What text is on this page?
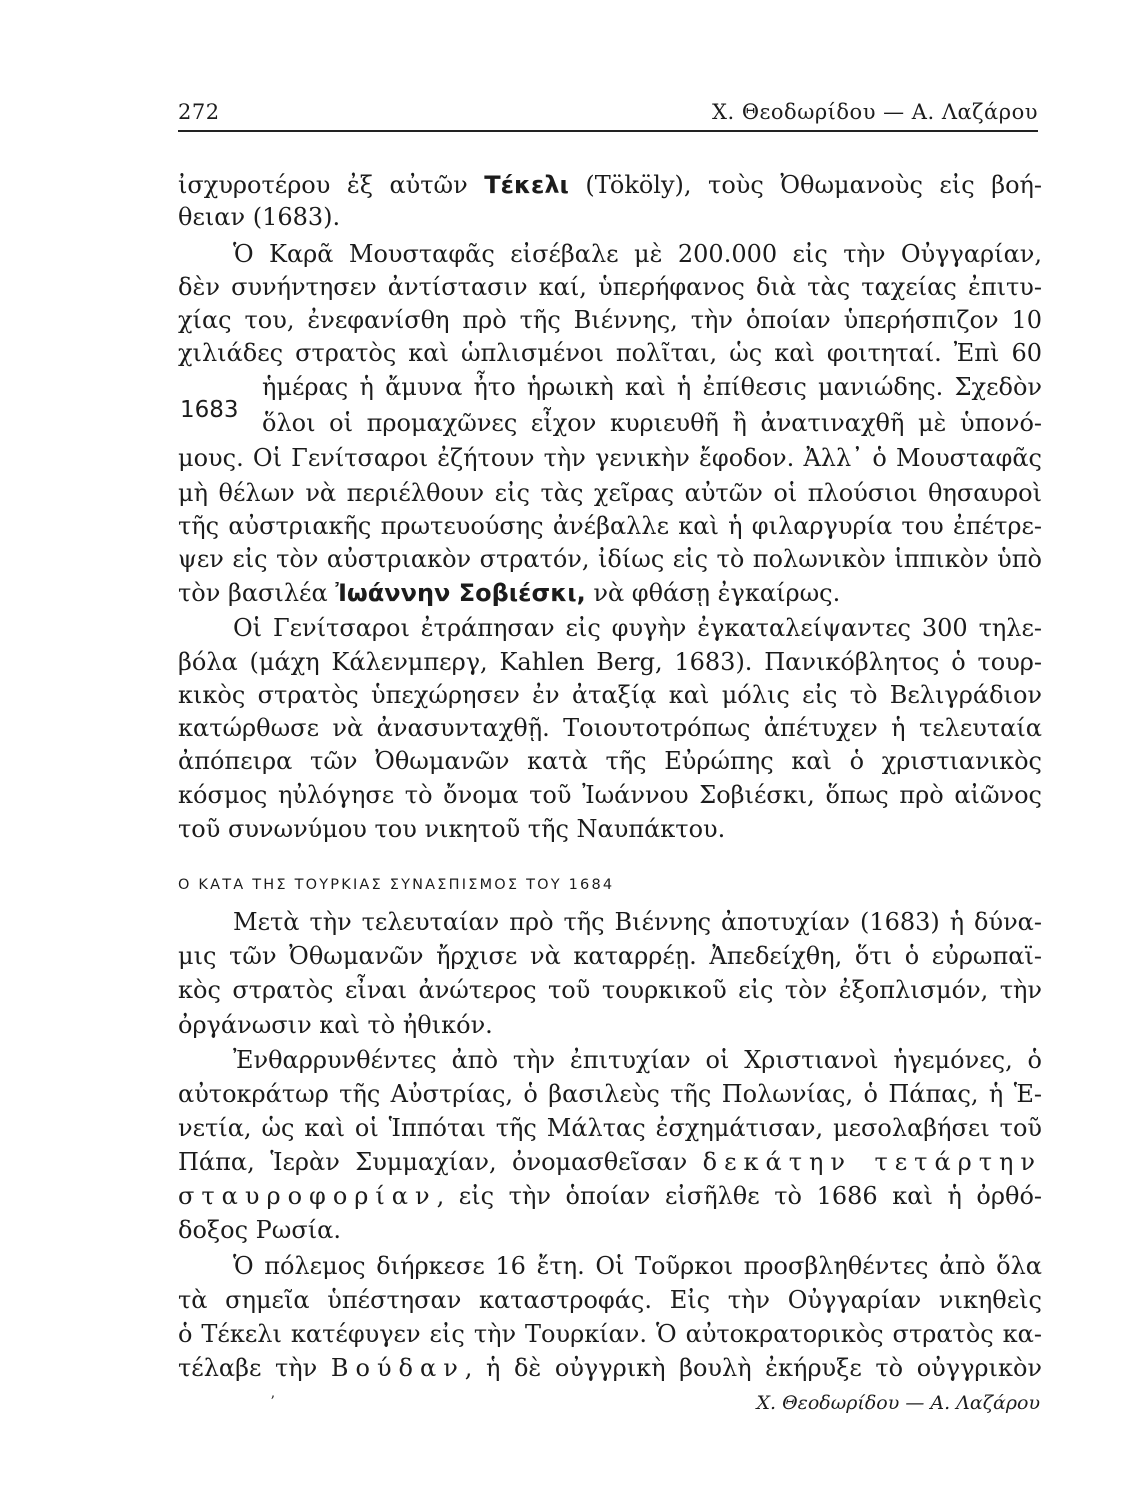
272	Χ. Θεοδωρίδου — Α. Λαζάρου
ἰσχυροτέρου ἐξ αὐτῶν Τέκελι (Tököly), τοὺς Ὀθωμανοὺς εἰς βοή-
θειαν (1683).
Ὁ Καρᾶ Μουσταφᾶς εἰσέβαλε μὲ 200.000 εἰς τὴν Οὐγγαρίαν,
δὲν συνήντησεν ἀντίστασιν καί, ὑπερήφανος διὰ τὰς ταχείας ἐπιτυ-
χίας του, ἐνεφανίσθη πρὸ τῆς Βιέννης, τὴν ὁποίαν ὑπερήσπιζον 10
χιλιάδες στρατὸς καὶ ὡπλισμένοι πολῖται, ὡς καὶ φοιτηταί. Ἐπὶ 60
ἡμέρας ἡ ἄμυνα ἦτο ἡρωικὴ καὶ ἡ ἐπίθεσις μανιώδης. Σχεδὸν
1683 ὅλοι οἱ προμαχῶνες εἶχον κυριευθῆ ἢ ἀνατιναχθῆ μὲ ὑπονό-
μους. Οἱ Γενίτσαροι ἐζήτουν τὴν γενικὴν ἔφοδον. Ἀλλ᾽ ὁ Μουσταφᾶς
μὴ θέλων νὰ περιέλθουν εἰς τὰς χεῖρας αὐτῶν οἱ πλούσιοι θησαυροὶ
τῆς αὐστριακῆς πρωτευούσης ἀνέβαλλε καὶ ἡ φιλαργυρία του ἐπέτρε-
ψεν εἰς τὸν αὐστριακὸν στρατόν, ἰδίως εἰς τὸ πολωνικὸν ἱππικὸν ὑπὸ
τὸν βασιλέα Ἰωάννην Σοβιέσκι, νὰ φθάσῃ ἐγκαίρως.
Οἱ Γενίτσαροι ἐτράπησαν εἰς φυγὴν ἐγκαταλείψαντες 300 τηλε-
βόλα (μάχη Κάλενμπεργ, Kahlen Berg, 1683). Πανικόβλητος ὁ τουρ-
κικὸς στρατὸς ὑπεχώρησεν ἐν ἀταξίᾳ καὶ μόλις εἰς τὸ Βελιγράδιον
κατώρθωσε νὰ ἀνασυνταχθῇ. Τοιουτοτρόπως ἀπέτυχεν ἡ τελευταία
ἀπόπειρα τῶν Ὀθωμανῶν κατὰ τῆς Εὐρώπης καὶ ὁ χριστιανικὸς
κόσμος ηὐλόγησε τὸ ὄνομα τοῦ Ἰωάννου Σοβιέσκι, ὅπως πρὸ αἰῶνος
τοῦ συνωνύμου του νικητοῦ τῆς Ναυπάκτου.
Ο ΚΑΤΑ ΤΗΣ ΤΟΥΡΚΙΑΣ ΣΥΝΑΣΠΙΣΜΟΣ ΤΟΥ 1684
Μετὰ τὴν τελευταίαν πρὸ τῆς Βιέννης ἀποτυχίαν (1683) ἡ δύνα-
μις τῶν Ὀθωμανῶν ἤρχισε νὰ καταρρέῃ. Ἀπεδείχθη, ὅτι ὁ εὐρωπαϊ-
κὸς στρατὸς εἶναι ἀνώτερος τοῦ τουρκικοῦ εἰς τὸν ἐξοπλισμόν, τὴν
ὀργάνωσιν καὶ τὸ ἠθικόν.
Ἐνθαρρυνθέντες ἀπὸ τὴν ἐπιτυχίαν οἱ Χριστιανοὶ ἡγεμόνες, ὁ
αὐτοκράτωρ τῆς Αὐστρίας, ὁ βασιλεὺς τῆς Πολωνίας, ὁ Πάπας, ἡ Ἑ-
νετία, ὡς καὶ οἱ Ἱππόται τῆς Μάλτας ἐσχημάτισαν, μεσολαβήσει τοῦ
Πάπα, Ἱερὰν Συμμαχίαν, ὀνομασθεῖσαν δεκάτην τετάρτην
σταυροφορίαν, εἰς τὴν ὁποίαν εἰσῆλθε τὸ 1686 καὶ ἡ ὀρθό-
δοξος Ρωσία.
Ὁ πόλεμος διήρκεσε 16 ἔτη. Οἱ Τοῦρκοι προσβληθέντες ἀπὸ ὅλα
τὰ σημεῖα ὑπέστησαν καταστροφάς. Εἰς τὴν Οὐγγαρίαν νικηθεὶς
ὁ Τέκελι κατέφυγεν εἰς τὴν Τουρκίαν. Ὁ αὐτοκρατορικὸς στρατὸς κα-
τέλαβε τὴν Βούδαν, ἡ δὲ οὐγγρικὴ βουλὴ ἐκήρυξε τὸ οὐγγρικὸν
ʼ	Χ. Θεοδωρίδου — Α. Λαζάρου
